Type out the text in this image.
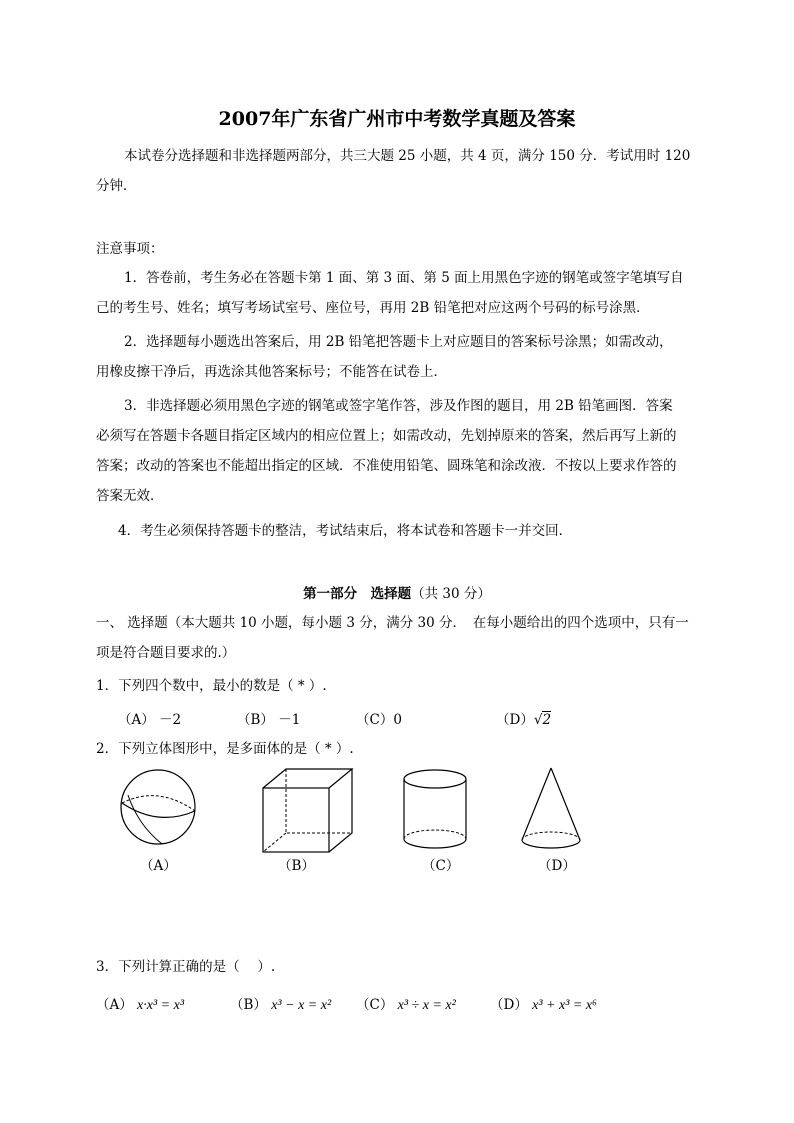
2007年广东省广州市中考数学真题及答案
本试卷分选择题和非选择题两部分，共三大题 25 小题，共 4 页，满分 150 分．考试用时 120
分钟．
注意事项：
1．答卷前，考生务必在答题卡第 1 面、第 3 面、第 5 面上用黑色字迹的钢笔或签字笔填写自
己的考生号、姓名；填写考场试室号、座位号，再用 2B 铅笔把对应这两个号码的标号涂黑．
2．选择题每小题选出答案后，用 2B 铅笔把答题卡上对应题目的答案标号涂黑；如需改动，
用橡皮擦干净后，再选涂其他答案标号；不能答在试卷上．
3．非选择题必须用黑色字迹的钢笔或签字笔作答，涉及作图的题目，用 2B 铅笔画图．答案
必须写在答题卡各题目指定区域内的相应位置上；如需改动，先划掉原来的答案，然后再写上新的
答案；改动的答案也不能超出指定的区域．不准使用铅笔、圆珠笔和涂改液．不按以上要求作答的
答案无效．
4．考生必须保持答题卡的整洁，考试结束后，将本试卷和答题卡一并交回．
第一部分　选择题（共 30 分）
一、 选择题（本大题共 10 小题，每小题 3 分，满分 30 分．　在每小题给出的四个选项中，只有一
项是符合题目要求的.）
1．下列四个数中，最小的数是（ * ）.
（A） －2	（B） －1	（C）0	（D）√2
2．下列立体图形中，是多面体的是（ * ）.
（A）	（B）	（C）	（D）
3．下列计算正确的是（　 ）.
（A） x·x³ = x³	（B） x³ − x = x² （C） x³ ÷ x = x²	（D） x³ + x³ = x⁶
